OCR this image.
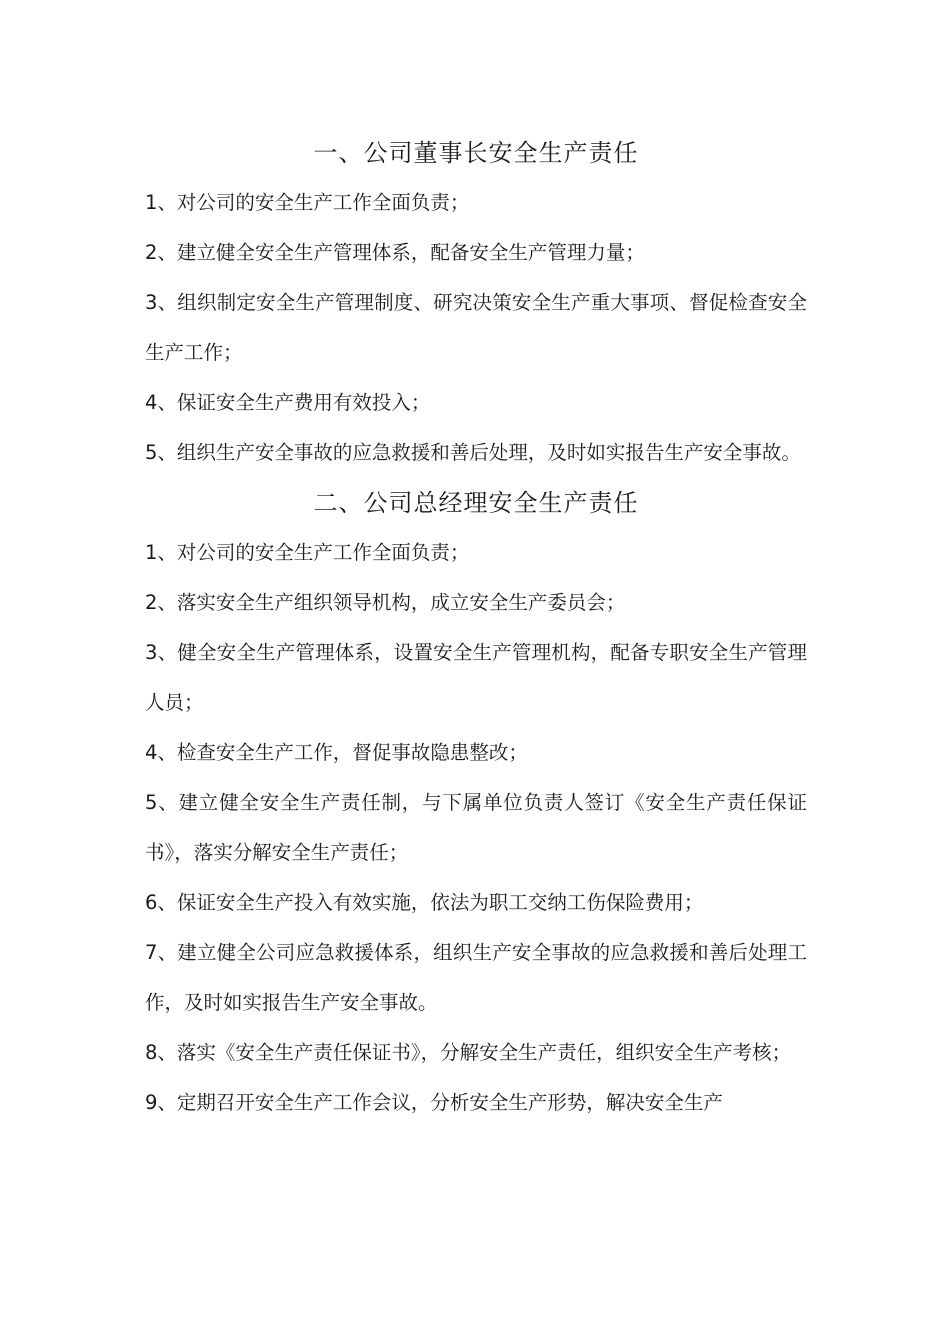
一、公司董事长安全生产责任

1、对公司的安全生产工作全面负责；

2、建立健全安全生产管理体系，配备安全生产管理力量；

3、组织制定安全生产管理制度、研究决策安全生产重大事项、督促检查安全生产工作；

4、保证安全生产费用有效投入；

5、组织生产安全事故的应急救援和善后处理，及时如实报告生产安全事故。

二、公司总经理安全生产责任

1、对公司的安全生产工作全面负责；

2、落实安全生产组织领导机构，成立安全生产委员会；

3、健全安全生产管理体系，设置安全生产管理机构，配备专职安全生产管理人员；

4、检查安全生产工作，督促事故隐患整改；

5、建立健全安全生产责任制，与下属单位负责人签订《安全生产责任保证书》，落实分解安全生产责任；

6、保证安全生产投入有效实施，依法为职工交纳工伤保险费用；

7、建立健全公司应急救援体系，组织生产安全事故的应急救援和善后处理工作，及时如实报告生产安全事故。

8、落实《安全生产责任保证书》，分解安全生产责任，组织安全生产考核；

9、定期召开安全生产工作会议，分析安全生产形势，解决安全生产
